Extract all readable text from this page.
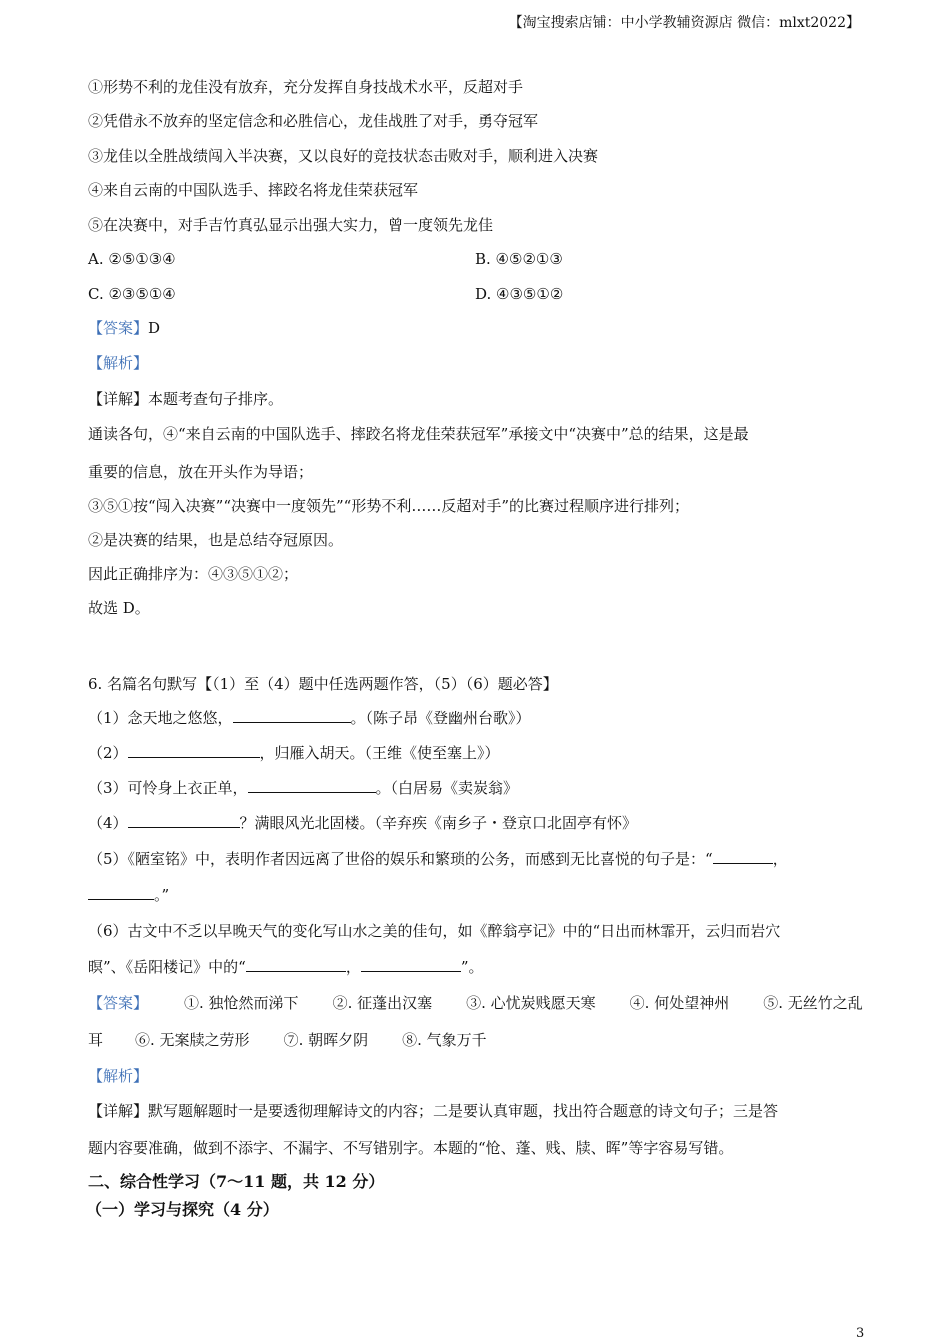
【淘宝搜索店铺：中小学教辅资源店 微信：mlxt2022】
①形势不利的龙佳没有放弃，充分发挥自身技战术水平，反超对手
②凭借永不放弃的坚定信念和必胜信心，龙佳战胜了对手，勇夺冠军
③龙佳以全胜战绩闯入半决赛，又以良好的竞技状态击败对手，顺利进入决赛
④来自云南的中国队选手、摔跤名将龙佳荣获冠军
⑤在决赛中，对手吉竹真弘显示出强大实力，曾一度领先龙佳
A. ②⑤①③④	B. ④⑤②①③
C. ②③⑤①④	D. ④③⑤①②
【答案】D
【解析】
【详解】本题考查句子排序。
通读各句，④“来自云南的中国队选手、摔跤名将龙佳荣获冠军”承接文中“决赛中”总的结果，这是最
重要的信息，放在开头作为导语；
③⑤①按“闯入决赛”“决赛中一度领先”“形势不利……反超对手”的比赛过程顺序进行排列；
②是决赛的结果，也是总结夺冠原因。
因此正确排序为：④③⑤①②；
故选 D。
6. 名篇名句默写【（1）至（4）题中任选两题作答，（5）（6）题必答】
（1）念天地之悠悠，	。（陈子昂《登幽州台歌》）
（2）	，归雁入胡天。（王维《使至塞上》）
（3）可怜身上衣正单，	。（白居易《卖炭翁》
（4）	？满眼风光北固楼。（辛弃疾《南乡子・登京口北固亭有怀》
（5）《陋室铭》中，表明作者因远离了世俗的娱乐和繁琐的公务，而感到无比喜悦的句子是：“	，
。”
（6）古文中不乏以早晚天气的变化写山水之美的佳句，如《醉翁亭记》中的“日出而林霏开，云归而岩穴
暝”、《岳阳楼记》中的“	，	”。
【答案】 ①. 独怆然而涕下 ②. 征蓬出汉塞 ③. 心忧炭贱愿天寒 ④. 何处望神州 ⑤. 无丝竹之乱
耳 ⑥. 无案牍之劳形 ⑦. 朝晖夕阴 ⑧. 气象万千
【解析】
【详解】默写题解题时一是要透彻理解诗文的内容；二是要认真审题，找出符合题意的诗文句子；三是答
题内容要准确，做到不添字、不漏字、不写错别字。本题的“怆、蓬、贱、牍、晖”等字容易写错。
二、综合性学习（7～11 题，共 12 分）
（一）学习与探究（4 分）
3
